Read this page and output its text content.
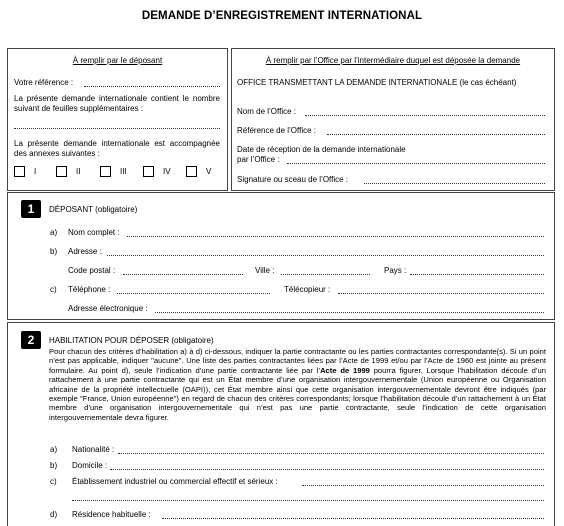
DEMANDE D’ENREGISTREMENT INTERNATIONAL
À remplir par le déposant
Votre référence :
La présente demande internationale contient le nombre suivant de feuilles supplémentaires :
La présente demande internationale est accompagnée des annexes suivantes :
I	II	III	IV	V
À remplir par l’Office par l’intermédiaire duquel est déposée la demande
OFFICE TRANSMETTANT LA DEMANDE INTERNATIONALE (le cas échéant)
Nom de l’Office :
Référence de l’Office :
Date de réception de la demande internationale
par l’Office :
Signature ou sceau de l’Office :
1	DÉPOSANT (obligatoire)
a) Nom complet :
b) Adresse :
Code postal :	Ville :	Pays :
c) Téléphone :	Télécopieur :
Adresse électronique :
2	HABILITATION POUR DÉPOSER (obligatoire)

Pour chacun des critères d’habilitation a) à d) ci-dessous, indiquer la partie contractante ou les parties contractantes correspondante(s). Si un point n’est pas applicable, indiquer "aucune". Une liste des parties contractantes liées par l’Acte de 1999 et/ou par l’Acte de 1960 est jointe au présent formulaire. Au point d), seule l’indication d’une partie contractante liée par l’Acte de 1999 pourra figurer. Lorsque l’habilitation découle d’un rattachement à une partie contractante qui est un État membre d’une organisation intergouvernementale (Union européenne ou Organisation africaine de la propriété intellectuelle (OAPI)), cet État membre ainsi que cette organisation intergouvernementale devront être indiqués (par exemple "France, Union européenne") en regard de chacun des critères correspondants; lorsque l’habilitation découle d’un rattachement à un État membre d’une organisation intergouvernementale qui n’est pas une partie contractante, seule l’indication de cette organisation intergouvernementale devra figurer.

a) Nationalité :
b) Domicile :
c) Établissement industriel ou commercial effectif et sérieux :
d) Résidence habituelle :
